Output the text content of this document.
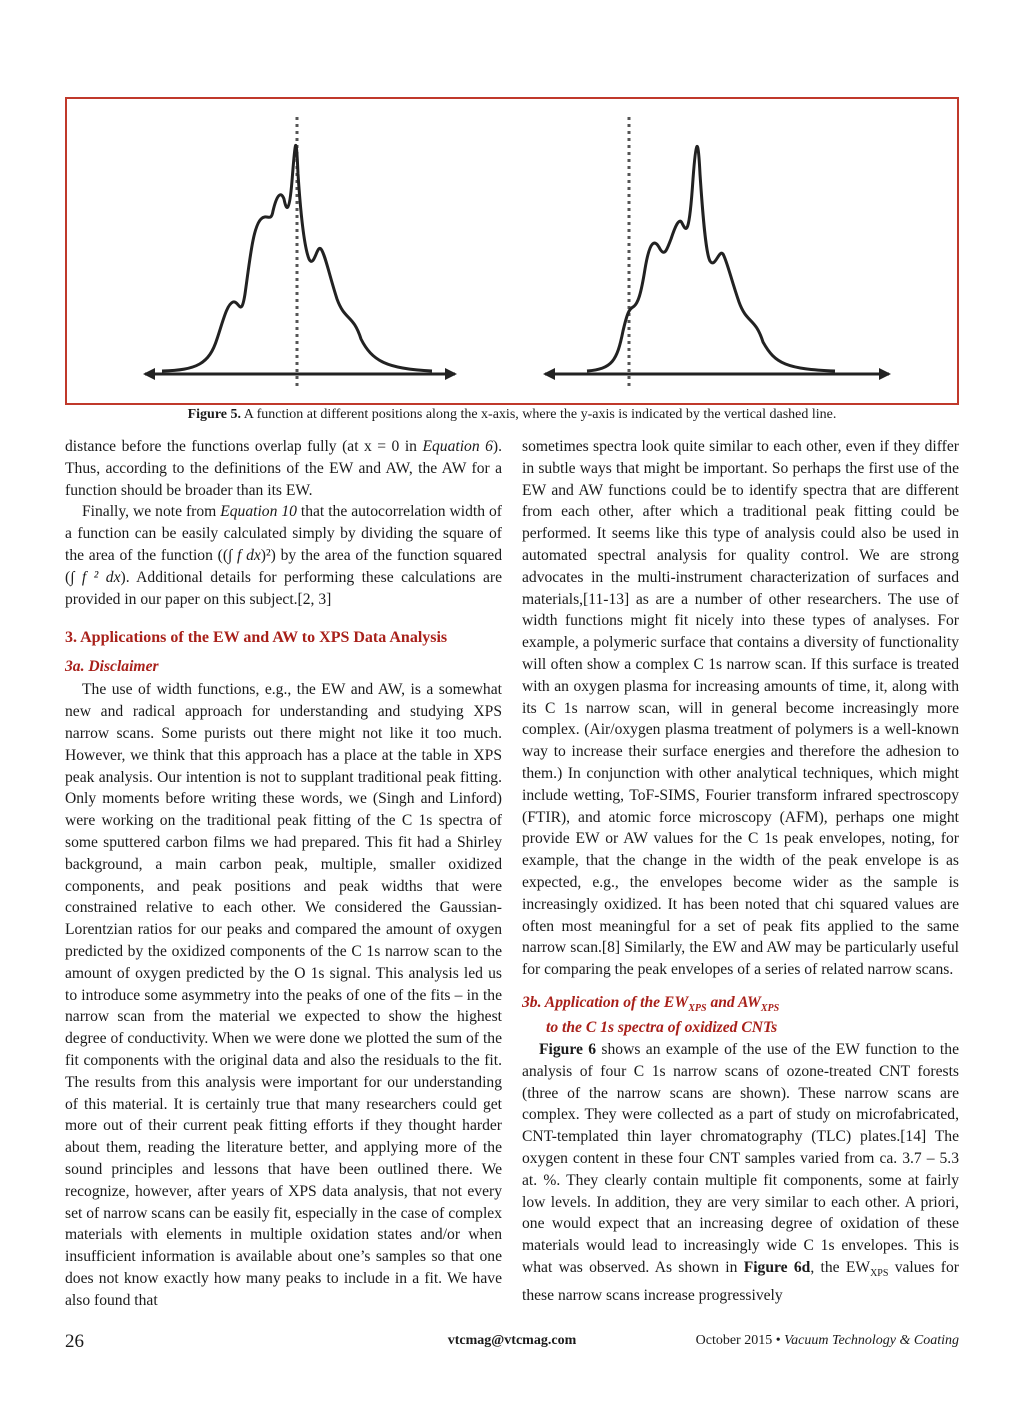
Figure 5. A function at different positions along the x-axis, where the y-axis is indicated by the vertical dashed line.

distance before the functions overlap fully (at x = 0 in Equation 6). Thus, according to the definitions of the EW and AW, the AW for a function should be broader than its EW.

Finally, we note from Equation 10 that the autocorrelation width of a function can be easily calculated simply by dividing the square of the area of the function ((∫ f dx)²) by the area of the function squared (∫ f ² dx). Additional details for performing these calculations are provided in our paper on this subject.[2, 3]

3. Applications of the EW and AW to XPS Data Analysis
3a. Disclaimer

The use of width functions, e.g., the EW and AW, is a somewhat new and radical approach for understanding and studying XPS narrow scans. Some purists out there might not like it too much. However, we think that this approach has a place at the table in XPS peak analysis. Our intention is not to supplant traditional peak fitting. Only moments before writing these words, we (Singh and Linford) were working on the traditional peak fitting of the C 1s spectra of some sputtered carbon films we had prepared. This fit had a Shirley background, a main carbon peak, multiple, smaller oxidized components, and peak positions and peak widths that were constrained relative to each other. We considered the Gaussian-Lorentzian ratios for our peaks and compared the amount of oxygen predicted by the oxidized components of the C 1s narrow scan to the amount of oxygen predicted by the O 1s signal. This analysis led us to introduce some asymmetry into the peaks of one of the fits – in the narrow scan from the material we expected to show the highest degree of conductivity. When we were done we plotted the sum of the fit components with the original data and also the residuals to the fit. The results from this analysis were important for our understanding of this material. It is certainly true that many researchers could get more out of their current peak fitting efforts if they thought harder about them, reading the literature better, and applying more of the sound principles and lessons that have been outlined there. We recognize, however, after years of XPS data analysis, that not every set of narrow scans can be easily fit, especially in the case of complex materials with elements in multiple oxidation states and/or when insufficient information is available about one’s samples so that one does not know exactly how many peaks to include in a fit. We have also found that

sometimes spectra look quite similar to each other, even if they differ in subtle ways that might be important. So perhaps the first use of the EW and AW functions could be to identify spectra that are different from each other, after which a traditional peak fitting could be performed. It seems like this type of analysis could also be used in automated spectral analysis for quality control. We are strong advocates in the multi-instrument characterization of surfaces and materials,[11-13] as are a number of other researchers. The use of width functions might fit nicely into these types of analyses. For example, a polymeric surface that contains a diversity of functionality will often show a complex C 1s narrow scan. If this surface is treated with an oxygen plasma for increasing amounts of time, it, along with its C 1s narrow scan, will in general become increasingly more complex. (Air/oxygen plasma treatment of polymers is a well-known way to increase their surface energies and therefore the adhesion to them.) In conjunction with other analytical techniques, which might include wetting, ToF-SIMS, Fourier transform infrared spectroscopy (FTIR), and atomic force microscopy (AFM), perhaps one might provide EW or AW values for the C 1s peak envelopes, noting, for example, that the change in the width of the peak envelope is as expected, e.g., the envelopes become wider as the sample is increasingly oxidized. It has been noted that chi squared values are often most meaningful for a set of peak fits applied to the same narrow scan.[8] Similarly, the EW and AW may be particularly useful for comparing the peak envelopes of a series of related narrow scans.

3b. Application of the $EW_{XPS}$ and $AW_{XPS}$
to the C 1s spectra of oxidized CNTs

Figure 6 shows an example of the use of the EW function to the analysis of four C 1s narrow scans of ozone-treated CNT forests (three of the narrow scans are shown). These narrow scans are complex. They were collected as a part of study on microfabricated, CNT-templated thin layer chromatography (TLC) plates.[14] The oxygen content in these four CNT samples varied from ca. 3.7 – 5.3 at. %. They clearly contain multiple fit components, some at fairly low levels. In addition, they are very similar to each other. A priori, one would expect that an increasing degree of oxidation of these materials would lead to increasingly wide C 1s envelopes. This is what was observed. As shown in Figure 6d, the $EW_{XPS}$ values for these narrow scans increase progressively

26	vtcmag@vtcmag.com	October 2015 • Vacuum Technology & Coating
